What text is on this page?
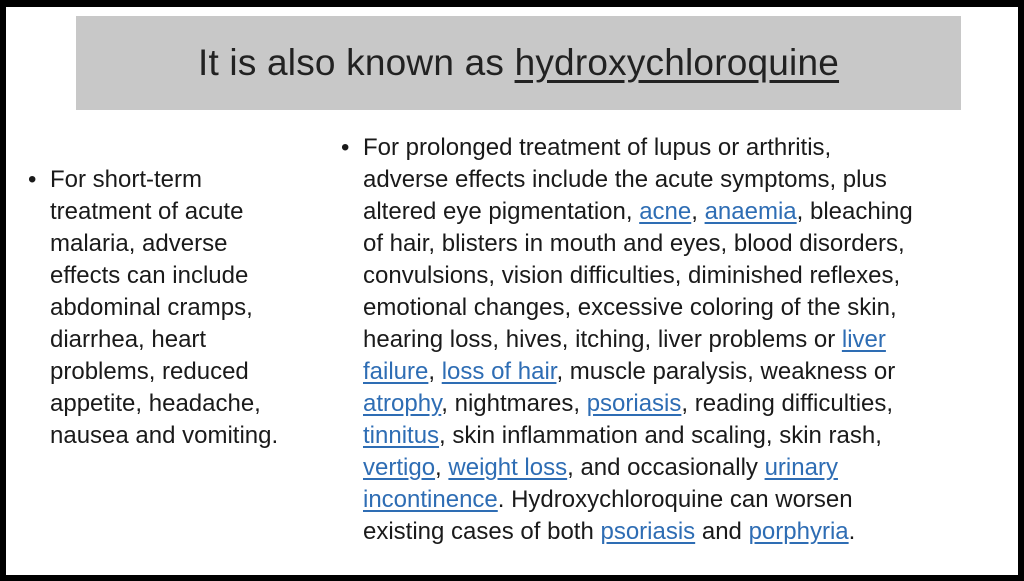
It is also known as hydroxychloroquine
• For short-term
treatment of acute
malaria, adverse
effects can include
abdominal cramps,
diarrhea, heart
problems, reduced
appetite, headache,
nausea and vomiting.
• For prolonged treatment of lupus or arthritis,
adverse effects include the acute symptoms, plus
altered eye pigmentation, acne, anaemia, bleaching
of hair, blisters in mouth and eyes, blood disorders,
convulsions, vision difficulties, diminished reflexes,
emotional changes, excessive coloring of the skin,
hearing loss, hives, itching, liver problems or liver
failure, loss of hair, muscle paralysis, weakness or
atrophy, nightmares, psoriasis, reading difficulties,
tinnitus, skin inflammation and scaling, skin rash,
vertigo, weight loss, and occasionally urinary
incontinence. Hydroxychloroquine can worsen
existing cases of both psoriasis and porphyria.
